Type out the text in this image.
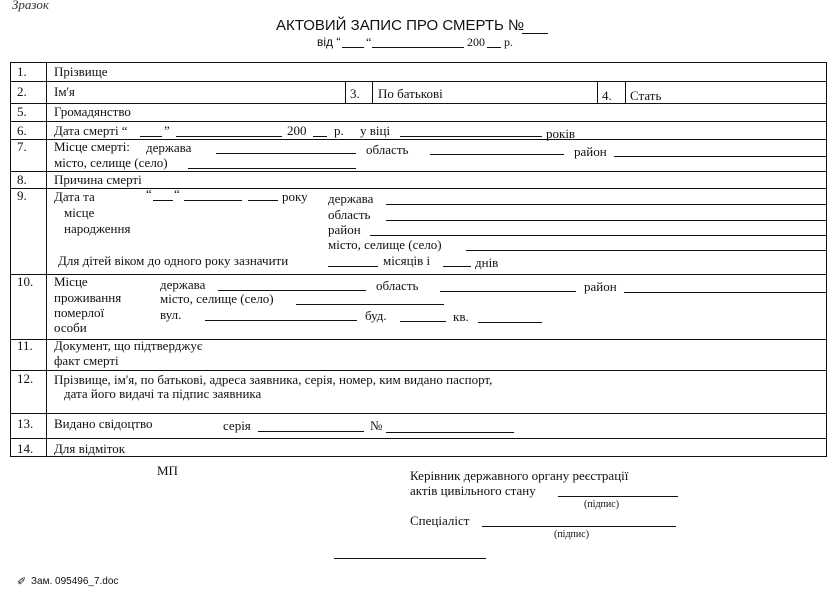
Зразок
АКТОВИЙ ЗАПИС ПРО СМЕРТЬ №
від “ “	200 р.
1. Прізвище
2. Ім'я	3. По батькові	4. Стать
5. Громадянство
6. Дата смерті “	”	200 р. у віці	років
7. Місце смерті: держава	область	район
місто, селище (село)
8. Причина смерті
9. Дата та
місце
народження
“ “	року держава
область
район
місто, селище (село)
Для дітей віком до одного року зазначити	місяців і	днів
10. Місце
проживання
померлої
особи
держава	область	район
місто, селище (село)
вул.	буд.	кв.
11. Документ, що підтверджує
факт смерті
12. Прізвище, ім'я, по батькові, адреса заявника, серія, номер, ким видано паспорт,
дата його видачі та підпис заявника
13. Видано свідоцтво	серія	№
14. Для відміток
МП	Керівник державного органу реєстрації
актів цивільного стану
(підпис)
Спеціаліст
(підпис)
✐ Зам. 095496_7.doc
